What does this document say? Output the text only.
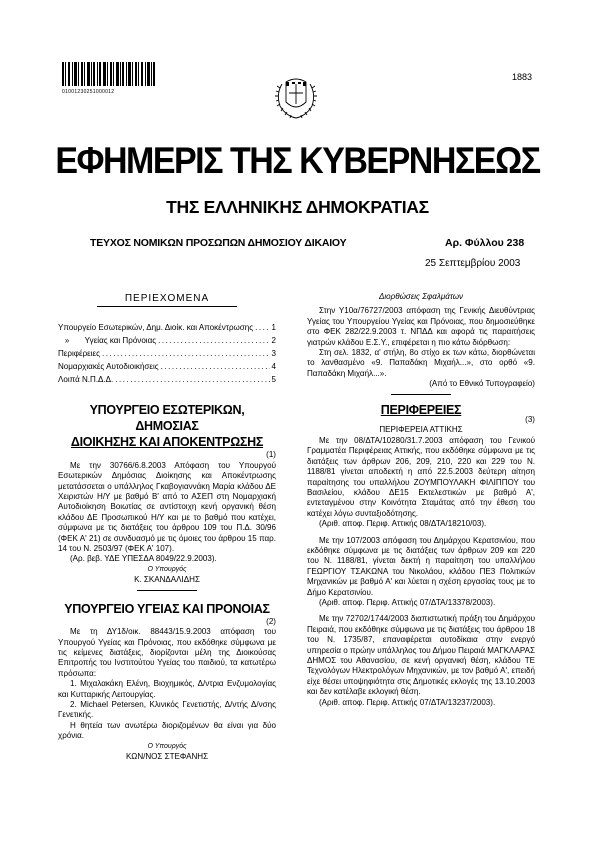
01001230251000012
1883
ΕΦΗΜΕΡΙΣ ΤΗΣ ΚΥΒΕΡΝΗΣΕΩΣ
ΤΗΣ ΕΛΛΗΝΙΚΗΣ ΔΗΜΟΚΡΑΤΙΑΣ
ΤΕΥΧΟΣ ΝΟΜΙΚΩΝ ΠΡΟΣΩΠΩΝ ΔΗΜΟΣΙΟΥ ΔΙΚΑΙΟΥ	Αρ. Φύλλου 238
25 Σεπτεμβρίου 2003
ΠΕΡΙΕΧΟΜΕΝΑ
Υπουργείο Εσωτερικών, Δημ. Διοίκ. και Αποκέντρωσης ..... 1
»       Υγείας και Πρόνοιας .....	2
Περιφέρειες .....	3
Νομαρχιακές Αυτοδιοικήσεις .....	4
Λοιπά Ν.Π.Δ.Δ. .....	5
ΥΠΟΥΡΓΕΙΟ ΕΣΩΤΕΡΙΚΩΝ, ΔΗΜΟΣΙΑΣ
ΔΙΟΙΚΗΣΗΣ ΚΑΙ ΑΠΟΚΕΝΤΡΩΣΗΣ

(1)

Με την 30766/6.8.2003 Απόφαση του Υπουργού Εσωτερικών Δημόσιας Διοίκησης και Αποκέντρωσης μετατάσσεται ο υπάλληλος Γκαβογιαννάκη Μαρία κλάδου ΔΕ Χειριστών Η/Υ με βαθμό Β' από το ΑΣΕΠ στη Νομαρχιακή Αυτοδιοίκηση Βοιωτίας σε αντίστοιχη κενή οργανική θέση κλάδου ΔΕ Προσωπικού Η/Υ και με το βαθμό που κατέχει, σύμφωνα με τις διατάξεις του άρθρου 109 του Π.Δ. 30/96 (ΦΕΚ Α' 21) σε συνδυασμό με τις όμοιες του άρθρου 15 παρ. 14 του Ν. 2503/97 (ΦΕΚ Α' 107).

(Αρ. βεβ. ΥΔΕ ΥΠΕΣΔΑ 8049/22.9.2003).

Ο Υπουργός

Κ. ΣΚΑΝΔΑΛΙΔΗΣ

ΥΠΟΥΡΓΕΙΟ ΥΓΕΙΑΣ ΚΑΙ ΠΡΟΝΟΙΑΣ

(2)

Με τη ΔΥ1δ/οικ. 88443/15.9.2003 απόφαση του Υπουργού Υγείας και Πρόνοιας, που εκδόθηκε σύμφωνα με τις κείμενες διατάξεις, διορίζονται μέλη της Διοικούσας Επιτροπής του Ινστιτούτου Υγείας του παιδιού, τα κατωτέρω πρόσωπα:

1. Μιχαλακάκη Ελένη, Βιοχημικός, Δ/ντρια Ενζυμολογίας και Κυτταρικής Λειτουργίας.

2. Μichael Petersen, Κλινικός Γενετιστής, Δ/ντής Δ/νσης Γενετικής.

Η θητεία των ανωτέρω διοριζομένων θα είναι για δύο χρόνια.

Ο Υπουργός

ΚΩΝ/ΝΟΣ ΣΤΕΦΑΝΗΣ

Διορθώσεις Σφαλμάτων

Στην Υ10α/76727/2003 απόφαση της Γενικής Διευθύντριας Υγείας του Υπουργείου Υγείας και Πρόνοιας, που δημοσιεύθηκε στο ΦΕΚ 282/22.9.2003 τ. ΝΠΔΔ και αφορά τις παραιτήσεις γιατρών κλάδου Ε.Σ.Υ., επιφέρεται η πιο κάτω διόρθωση:

Στη σελ. 1832, α' στήλη, 8ο στίχο εκ των κάτω, διορθώνεται το λανθασμένο «9. Παπαδάκη Μιχαήλ...», στο ορθό «9. Παπαδάκη Μιχαήλ...».

(Από το Εθνικό Τυπογραφείο)

ΠΕΡΙΦΕΡΕΙΕΣ

(3)

ΠΕΡΙΦΕΡΕΙΑ ΑΤΤΙΚΗΣ

Με την 08/ΔΤΑ/10280/31.7.2003 απόφαση του Γενικού Γραμματέα Περιφέρειας Αττικής, που εκδόθηκε σύμφωνα με τις διατάξεις των άρθρων 206, 209, 210, 220 και 229 του Ν. 1188/81 γίνεται αποδεκτή η από 22.5.2003 δεύτερη αίτηση παραίτησης του υπαλλήλου ΖΟΥΜΠΟΥΛΑΚΗ ΦΙΛΙΠΠΟΥ του Βασιλείου, κλάδου ΔΕ15 Εκτελεστικών με βαθμό Α', εντεταγμένου στην Κοινότητα Σταμάτας από την έθεση του κατέχει λόγω συνταξιοδότησης.

(Αριθ. αποφ. Περιφ. Αττικής 08/ΔΤΑ/18210/03).

Με την 107/2003 απόφαση του Δημάρχου Κερατσινίου, που εκδόθηκε σύμφωνα με τις διατάξεις των άρθρων 209 και 220 του Ν. 1188/81, γίνεται δεκτή η παραίτηση του υπαλλήλου ΓΕΩΡΓΙΟΥ ΤΣΑΚΩΝΑ του Νικολάου, κλάδου ΠΕ3 Πολιτικών Μηχανικών με βαθμό Α' και λύεται η σχέση εργασίας τους με το Δήμο Κερατσινίου.

(Αριθ. αποφ. Περιφ. Αττικής 07/ΔΤΑ/13378/2003).

Με την 72702/1744/2003 διαπιστωτική πράξη του Δημάρχου Πειραιά, που εκδόθηκε σύμφωνα με τις διατάξεις του άρθρου 18 του Ν. 1735/87, επαναφέρεται αυτοδίκαια στην ενεργό υπηρεσία ο πρώην υπάλληλος του Δήμου Πειραιά ΜΑΓΚΛΑΡΑΣ ΔΗΜΟΣ του Αθανασίου, σε κενή οργανική θέση, κλάδου ΤΕ Τεχνολόγων Ηλεκτρολόγων Μηχανικών, με τον βαθμό Α', επειδή είχε θέσει υποψηφιότητα στις Δημοτικές εκλογές της 13.10.2003 και δεν κατέλαβε εκλογική θέση.

(Αριθ. αποφ. Περιφ. Αττικής 07/ΔΤΑ/13237/2003).
